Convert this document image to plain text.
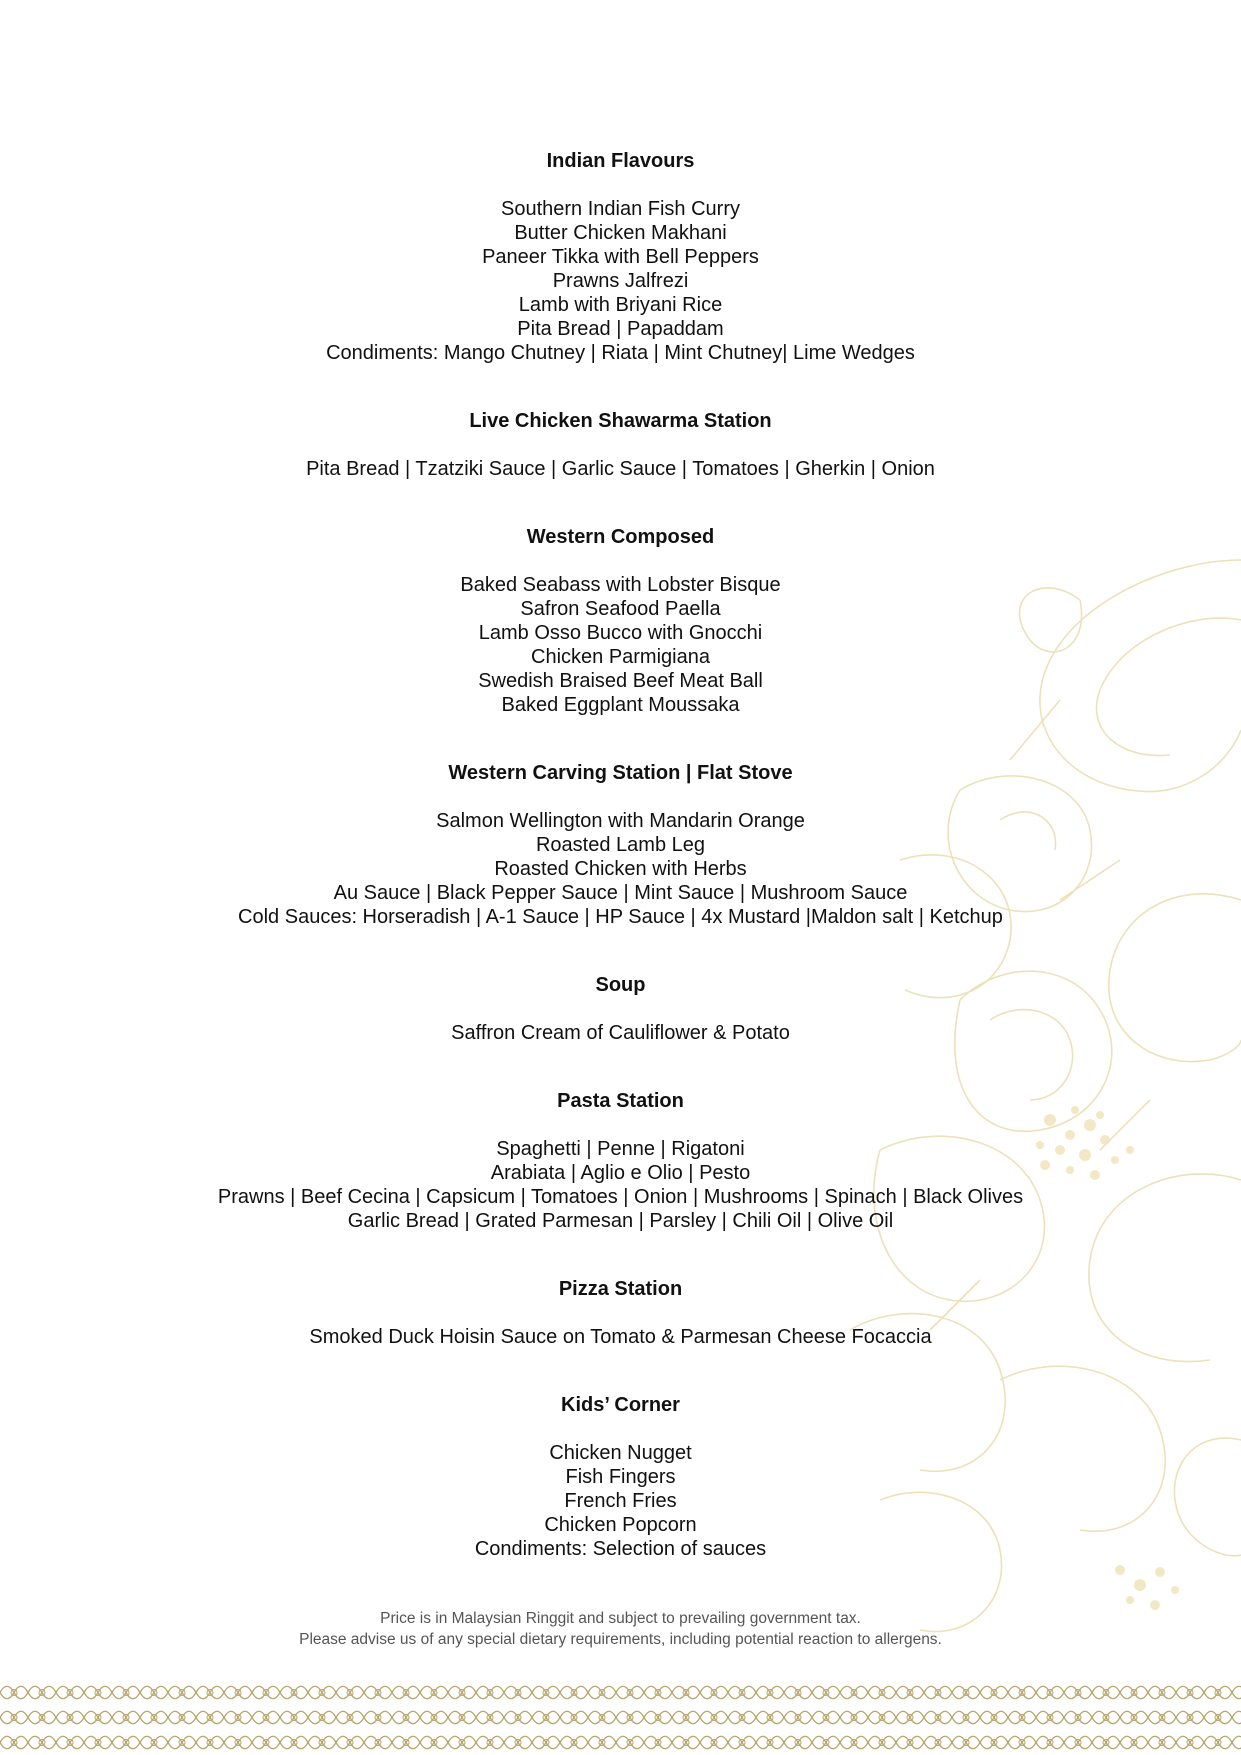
Indian Flavours
Southern Indian Fish Curry
Butter Chicken Makhani
Paneer Tikka with Bell Peppers
Prawns Jalfrezi
Lamb with Briyani Rice
Pita Bread | Papaddam
Condiments: Mango Chutney | Riata | Mint Chutney| Lime Wedges
Live Chicken Shawarma Station
Pita Bread | Tzatziki Sauce | Garlic Sauce | Tomatoes | Gherkin | Onion
Western Composed
Baked Seabass with Lobster Bisque
Safron Seafood Paella
Lamb Osso Bucco with Gnocchi
Chicken Parmigiana
Swedish Braised Beef Meat Ball
Baked Eggplant Moussaka
Western Carving Station | Flat Stove
Salmon Wellington with Mandarin Orange
Roasted Lamb Leg
Roasted Chicken with Herbs
Au Sauce | Black Pepper Sauce | Mint Sauce | Mushroom Sauce
Cold Sauces: Horseradish | A-1 Sauce | HP Sauce | 4x Mustard |Maldon salt | Ketchup
Soup
Saffron Cream of Cauliflower & Potato
Pasta Station
Spaghetti | Penne | Rigatoni
Arabiata | Aglio e Olio | Pesto
Prawns | Beef Cecina | Capsicum | Tomatoes | Onion | Mushrooms | Spinach | Black Olives
Garlic Bread | Grated Parmesan | Parsley | Chili Oil | Olive Oil
Pizza Station
Smoked Duck Hoisin Sauce on Tomato & Parmesan Cheese Focaccia
Kids’ Corner
Chicken Nugget
Fish Fingers
French Fries
Chicken Popcorn
Condiments: Selection of sauces
Price is in Malaysian Ringgit and subject to prevailing government tax.
Please advise us of any special dietary requirements, including potential reaction to allergens.
